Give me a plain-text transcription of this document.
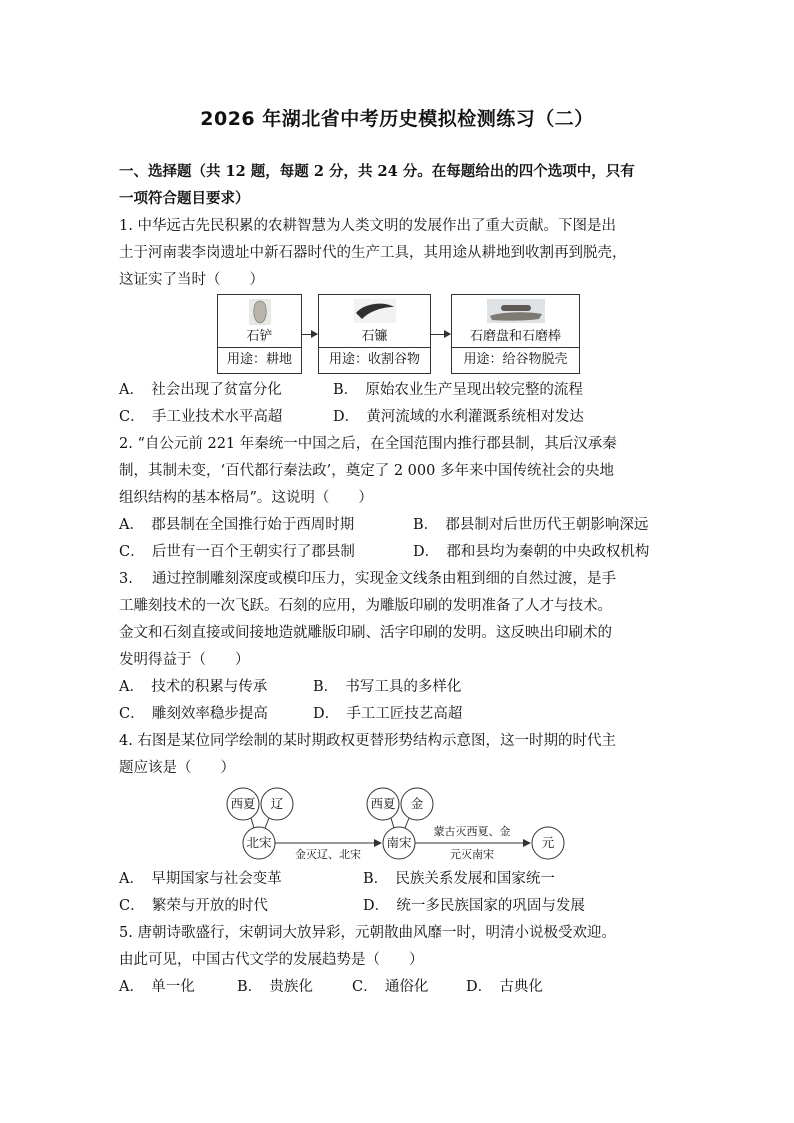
2026 年湖北省中考历史模拟检测练习（二）
一、选择题（共 12 题，每题 2 分，共 24 分。在每题给出的四个选项中，只有
一项符合题目要求）
1. 中华远古先民积累的农耕智慧为人类文明的发展作出了重大贡献。下图是出
土于河南裴李岗遗址中新石器时代的生产工具，其用途从耕地到收割再到脱壳，
这证实了当时（　　）
石铲
用途：耕地
石镰
用途：收割谷物
石磨盘和石磨棒
用途：给谷物脱壳
A．　社会出现了贫富分化	B．　原始农业生产呈现出较完整的流程
C．　手工业技术水平高超	D．　黄河流域的水利灌溉系统相对发达
2. “自公元前 221 年秦统一中国之后，在全国范围内推行郡县制，其后汉承秦
制，其制未变，‘百代都行秦法政’，奠定了 2 000 多年来中国传统社会的央地
组织结构的基本格局”。这说明（　　）
A．　郡县制在全国推行始于西周时期	B．　郡县制对后世历代王朝影响深远
C．　后世有一百个王朝实行了郡县制	D．　郡和县均为秦朝的中央政权机构
3.　 通过控制雕刻深度或模印压力，实现金文线条由粗到细的自然过渡，是手
工雕刻技术的一次飞跃。石刻的应用，为雕版印刷的发明准备了人才与技术。
金文和石刻直接或间接地造就雕版印刷、活字印刷的发明。这反映出印刷术的
发明得益于（　　）
A．　技术的积累与传承	B．　书写工具的多样化
C．　雕刻效率稳步提高	D．　手工工匠技艺高超
4. 右图是某位同学绘制的某时期政权更替形势结构示意图，这一时期的时代主
题应该是（　　）
西夏 辽
北宋
西夏 金
南宋	元
金灭辽、北宋
蒙古灭西夏、金
元灭南宋
A．　早期国家与社会变革	B．　民族关系发展和国家统一
C．　繁荣与开放的时代	D．　统一多民族国家的巩固与发展
5. 唐朝诗歌盛行，宋朝词大放异彩，元朝散曲风靡一时，明清小说极受欢迎。
由此可见，中国古代文学的发展趋势是（　　）
A．　单一化	B．　贵族化	C．　通俗化	D．　古典化
